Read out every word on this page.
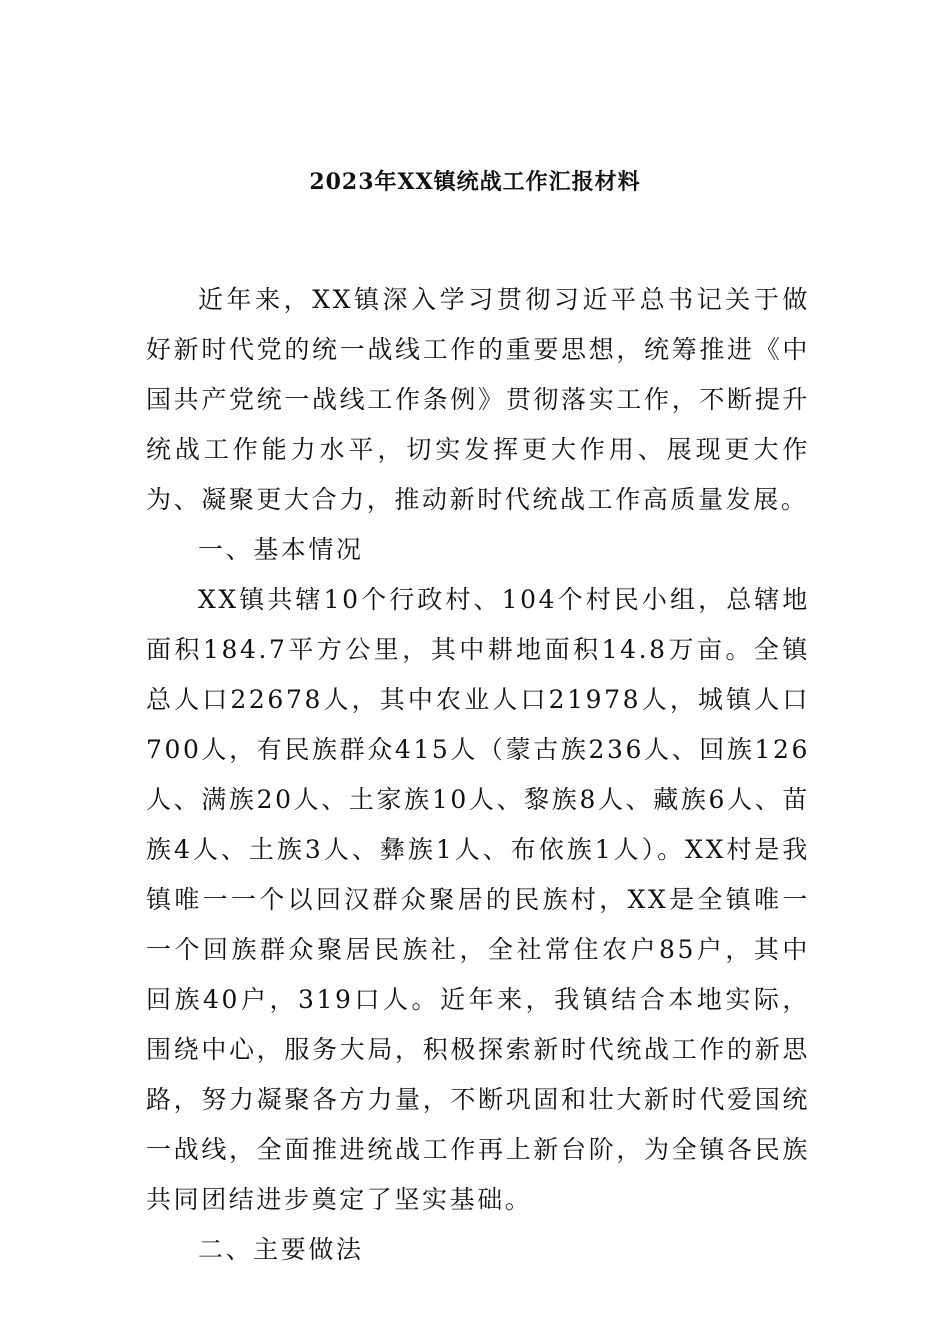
2023年XX镇统战工作汇报材料

近年来，XX镇深入学习贯彻习近平总书记关于做好新时代党的统一战线工作的重要思想，统筹推进《中国共产党统一战线工作条例》贯彻落实工作，不断提升统战工作能力水平，切实发挥更大作用、展现更大作为、凝聚更大合力，推动新时代统战工作高质量发展。

一、基本情况

XX镇共辖10个行政村、104个村民小组，总辖地面积184.7平方公里，其中耕地面积14.8万亩。全镇总人口22678人，其中农业人口21978人，城镇人口700人，有民族群众415人（蒙古族236人、回族126人、满族20人、土家族10人、黎族8人、藏族6人、苗族4人、土族3人、彝族1人、布依族1人）。XX村是我镇唯一一个以回汉群众聚居的民族村，XX是全镇唯一一个回族群众聚居民族社，全社常住农户85户，其中回族40户，319口人。近年来，我镇结合本地实际，围绕中心，服务大局，积极探索新时代统战工作的新思路，努力凝聚各方力量，不断巩固和壮大新时代爱国统一战线，全面推进统战工作再上新台阶，为全镇各民族共同团结进步奠定了坚实基础。

二、主要做法
